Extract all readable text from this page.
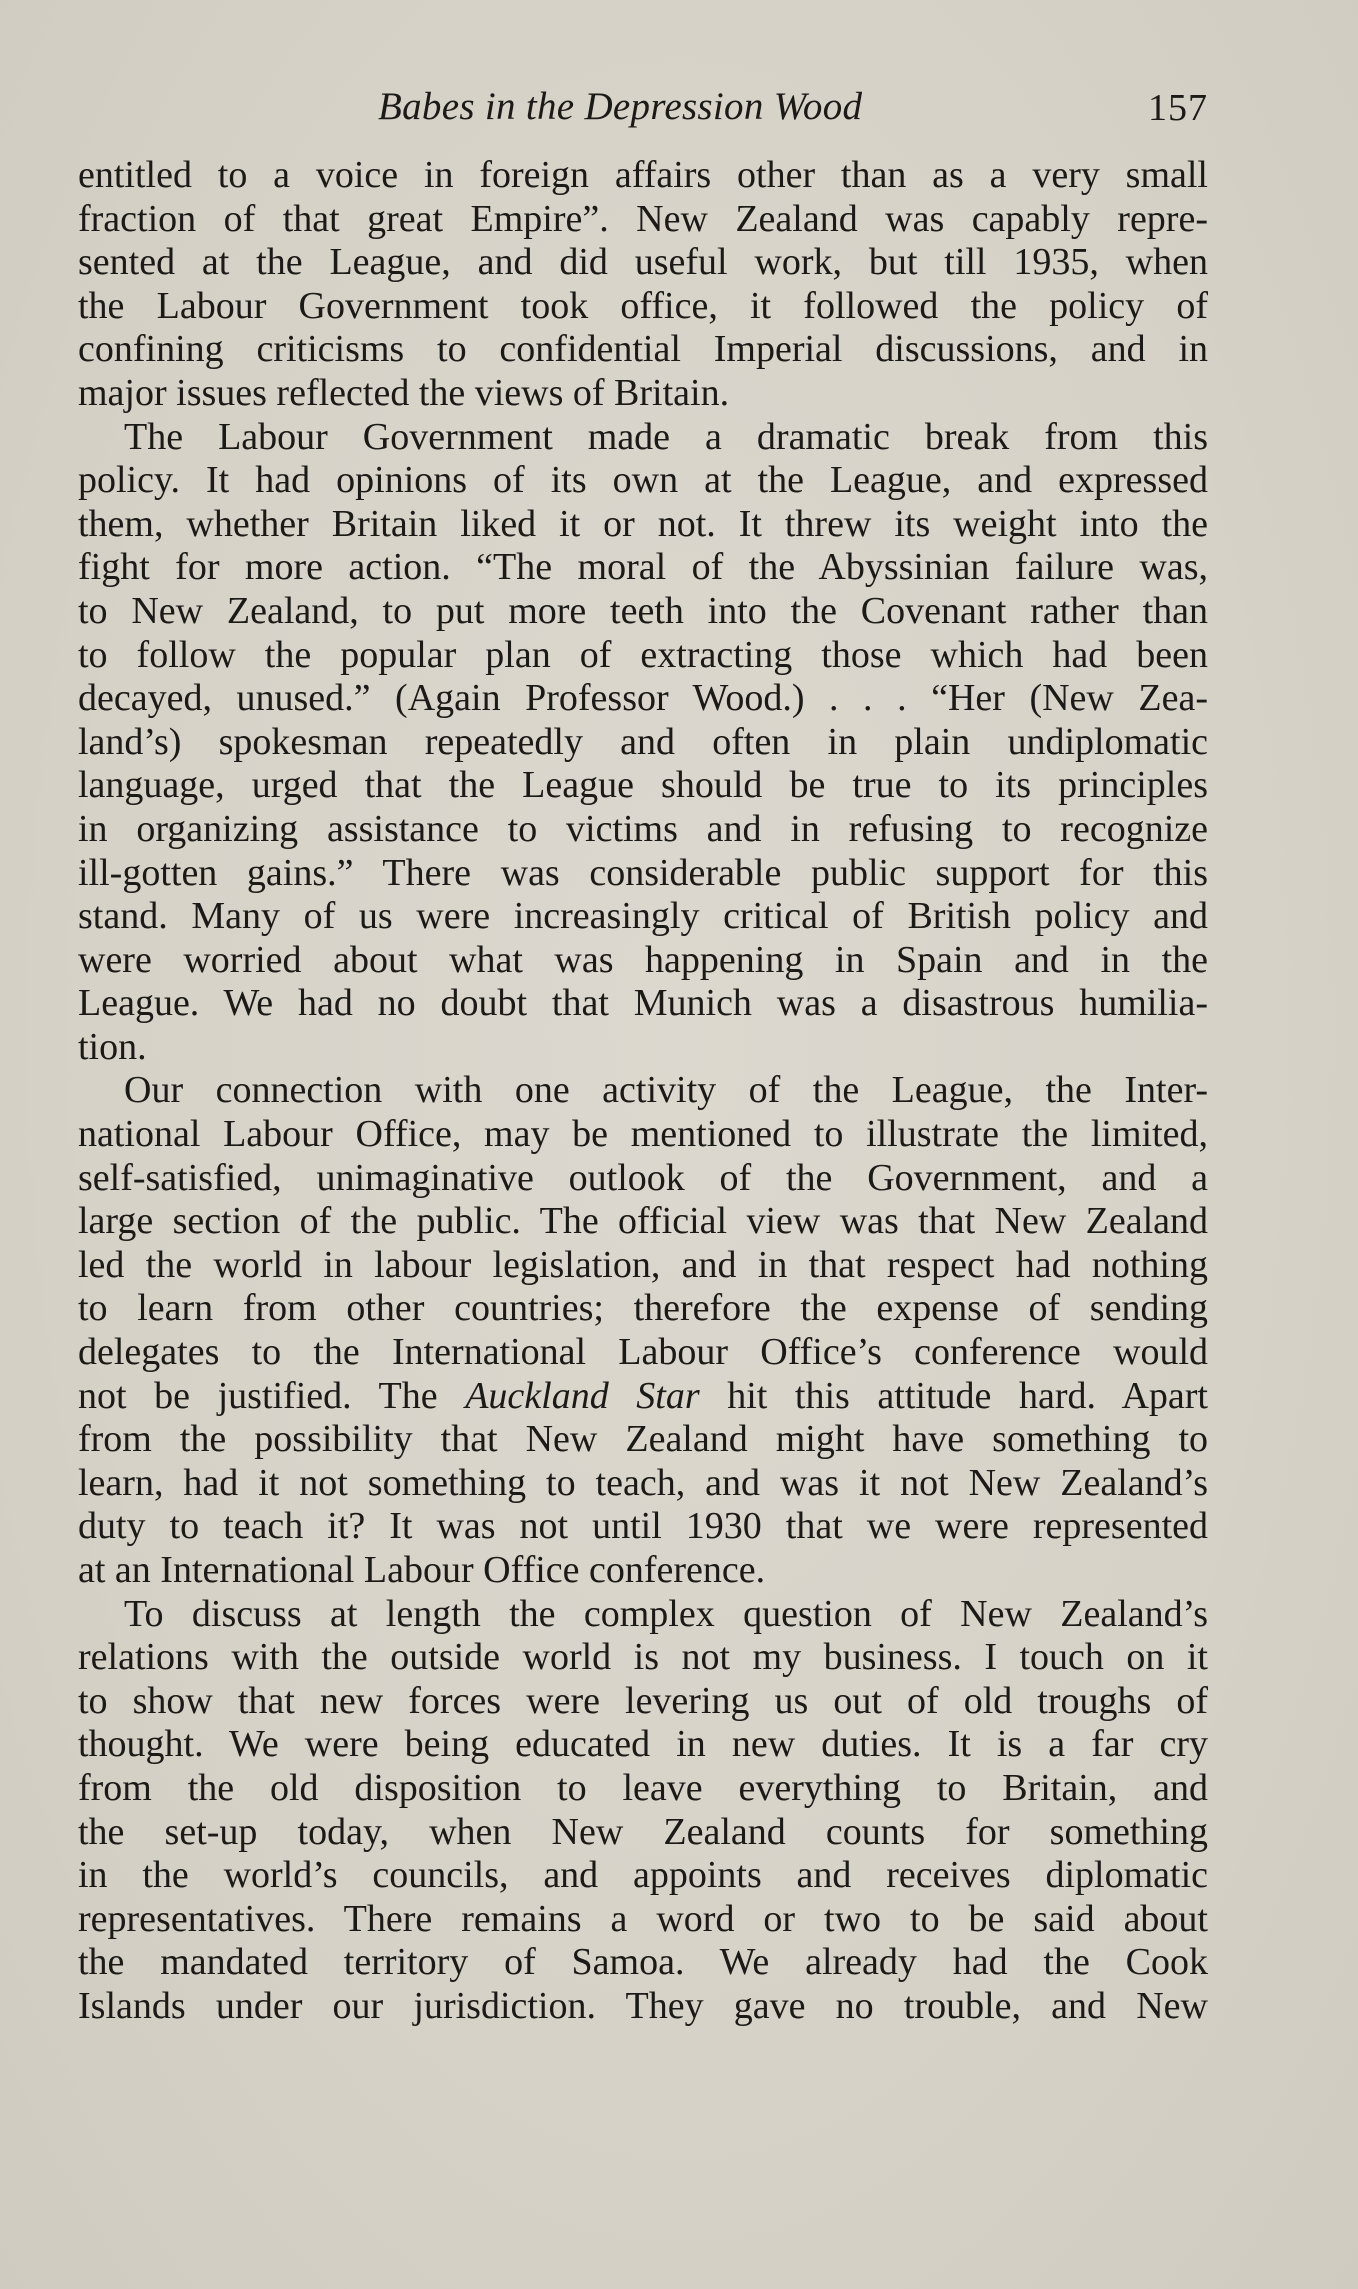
Babes in the Depression Wood	157
entitled to a voice in foreign affairs other than as a very small
fraction of that great Empire”. New Zealand was capably repre-
sented at the League, and did useful work, but till 1935, when
the Labour Government took office, it followed the policy of
confining criticisms to confidential Imperial discussions, and in
major issues reflected the views of Britain.
The Labour Government made a dramatic break from this
policy. It had opinions of its own at the League, and expressed
them, whether Britain liked it or not. It threw its weight into the
fight for more action. “The moral of the Abyssinian failure was,
to New Zealand, to put more teeth into the Covenant rather than
to follow the popular plan of extracting those which had been
decayed, unused.” (Again Professor Wood.) . . . “Her (New Zea-
land’s) spokesman repeatedly and often in plain undiplomatic
language, urged that the League should be true to its principles
in organizing assistance to victims and in refusing to recognize
ill-gotten gains.” There was considerable public support for this
stand. Many of us were increasingly critical of British policy and
were worried about what was happening in Spain and in the
League. We had no doubt that Munich was a disastrous humilia-
tion.
Our connection with one activity of the League, the Inter-
national Labour Office, may be mentioned to illustrate the limited,
self-satisfied, unimaginative outlook of the Government, and a
large section of the public. The official view was that New Zealand
led the world in labour legislation, and in that respect had nothing
to learn from other countries; therefore the expense of sending
delegates to the International Labour Office’s conference would
not be justified. The Auckland Star hit this attitude hard. Apart
from the possibility that New Zealand might have something to
learn, had it not something to teach, and was it not New Zealand’s
duty to teach it? It was not until 1930 that we were represented
at an International Labour Office conference.
To discuss at length the complex question of New Zealand’s
relations with the outside world is not my business. I touch on it
to show that new forces were levering us out of old troughs of
thought. We were being educated in new duties. It is a far cry
from the old disposition to leave everything to Britain, and
the set-up today, when New Zealand counts for something
in the world’s councils, and appoints and receives diplomatic
representatives. There remains a word or two to be said about
the mandated territory of Samoa. We already had the Cook
Islands under our jurisdiction. They gave no trouble, and New
